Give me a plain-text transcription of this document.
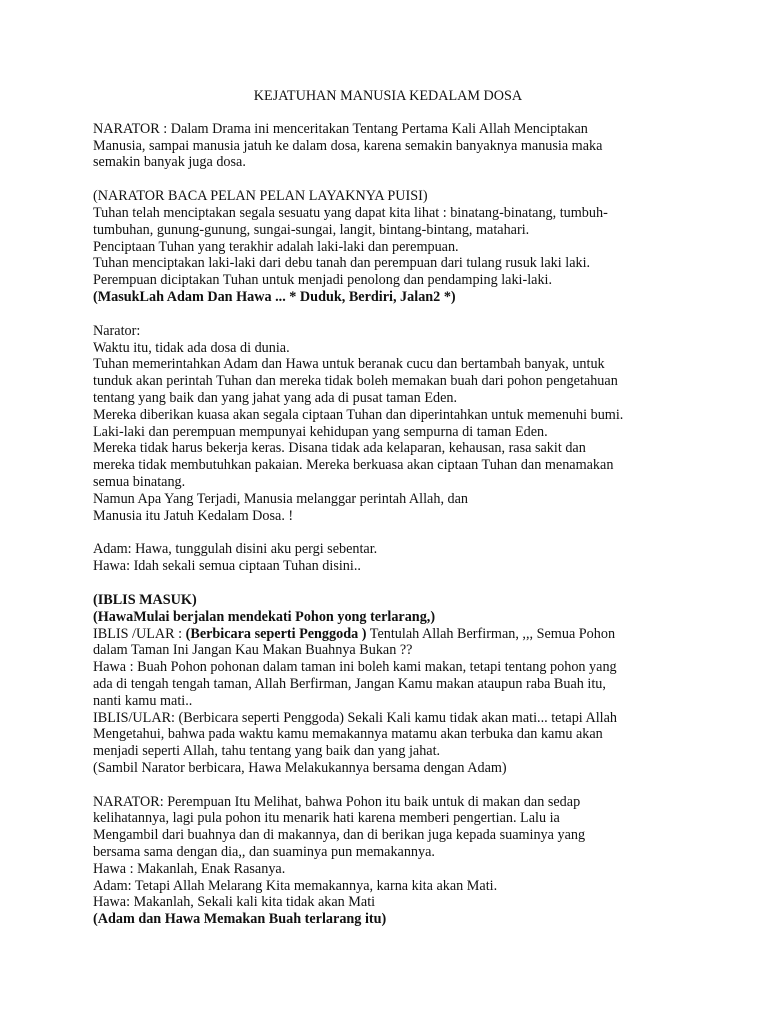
KEJATUHAN MANUSIA KEDALAM DOSA
NARATOR : Dalam Drama ini menceritakan Tentang Pertama Kali Allah Menciptakan
Manusia, sampai manusia jatuh ke dalam dosa, karena semakin banyaknya manusia maka
semakin banyak juga dosa.
(NARATOR BACA PELAN PELAN LAYAKNYA PUISI)
Tuhan telah menciptakan segala sesuatu yang dapat kita lihat : binatang-binatang, tumbuh-
tumbuhan, gunung-gunung, sungai-sungai, langit, bintang-bintang, matahari.
Penciptaan Tuhan yang terakhir adalah laki-laki dan perempuan.
Tuhan menciptakan laki-laki dari debu tanah dan perempuan dari tulang rusuk laki laki.
Perempuan diciptakan Tuhan untuk menjadi penolong dan pendamping laki-laki.
(MasukLah Adam Dan Hawa ... * Duduk, Berdiri, Jalan2 *)
Narator:
Waktu itu, tidak ada dosa di dunia.
Tuhan memerintahkan Adam dan Hawa untuk beranak cucu dan bertambah banyak, untuk
tunduk akan perintah Tuhan dan mereka tidak boleh memakan buah dari pohon pengetahuan
tentang yang baik dan yang jahat yang ada di pusat taman Eden.
Mereka diberikan kuasa akan segala ciptaan Tuhan dan diperintahkan untuk memenuhi bumi.
Laki-laki dan perempuan mempunyai kehidupan yang sempurna di taman Eden.
Mereka tidak harus bekerja keras. Disana tidak ada kelaparan, kehausan, rasa sakit dan
mereka tidak membutuhkan pakaian. Mereka berkuasa akan ciptaan Tuhan dan menamakan
semua binatang.
Namun Apa Yang Terjadi, Manusia melanggar perintah Allah, dan
Manusia itu Jatuh Kedalam Dosa. !
Adam: Hawa, tunggulah disini aku pergi sebentar.
Hawa: Idah sekali semua ciptaan Tuhan disini..
(IBLIS MASUK)
(HawaMulai berjalan mendekati Pohon yong terlarang,)
IBLIS /ULAR : (Berbicara seperti Penggoda ) Tentulah Allah Berfirman, ,,, Semua Pohon
dalam Taman Ini Jangan Kau Makan Buahnya Bukan ??
Hawa : Buah Pohon pohonan dalam taman ini boleh kami makan, tetapi tentang pohon yang
ada di tengah tengah taman, Allah Berfirman, Jangan Kamu makan ataupun raba Buah itu,
nanti kamu mati..
IBLIS/ULAR: (Berbicara seperti Penggoda) Sekali Kali kamu tidak akan mati... tetapi Allah
Mengetahui, bahwa pada waktu kamu memakannya matamu akan terbuka dan kamu akan
menjadi seperti Allah, tahu tentang yang baik dan yang jahat.
(Sambil Narator berbicara, Hawa Melakukannya bersama dengan Adam)
NARATOR: Perempuan Itu Melihat, bahwa Pohon itu baik untuk di makan dan sedap
kelihatannya, lagi pula pohon itu menarik hati karena memberi pengertian. Lalu ia
Mengambil dari buahnya dan di makannya, dan di berikan juga kepada suaminya yang
bersama sama dengan dia,, dan suaminya pun memakannya.
Hawa : Makanlah, Enak Rasanya.
Adam: Tetapi Allah Melarang Kita memakannya, karna kita akan Mati.
Hawa: Makanlah, Sekali kali kita tidak akan Mati
(Adam dan Hawa Memakan Buah terlarang itu)
